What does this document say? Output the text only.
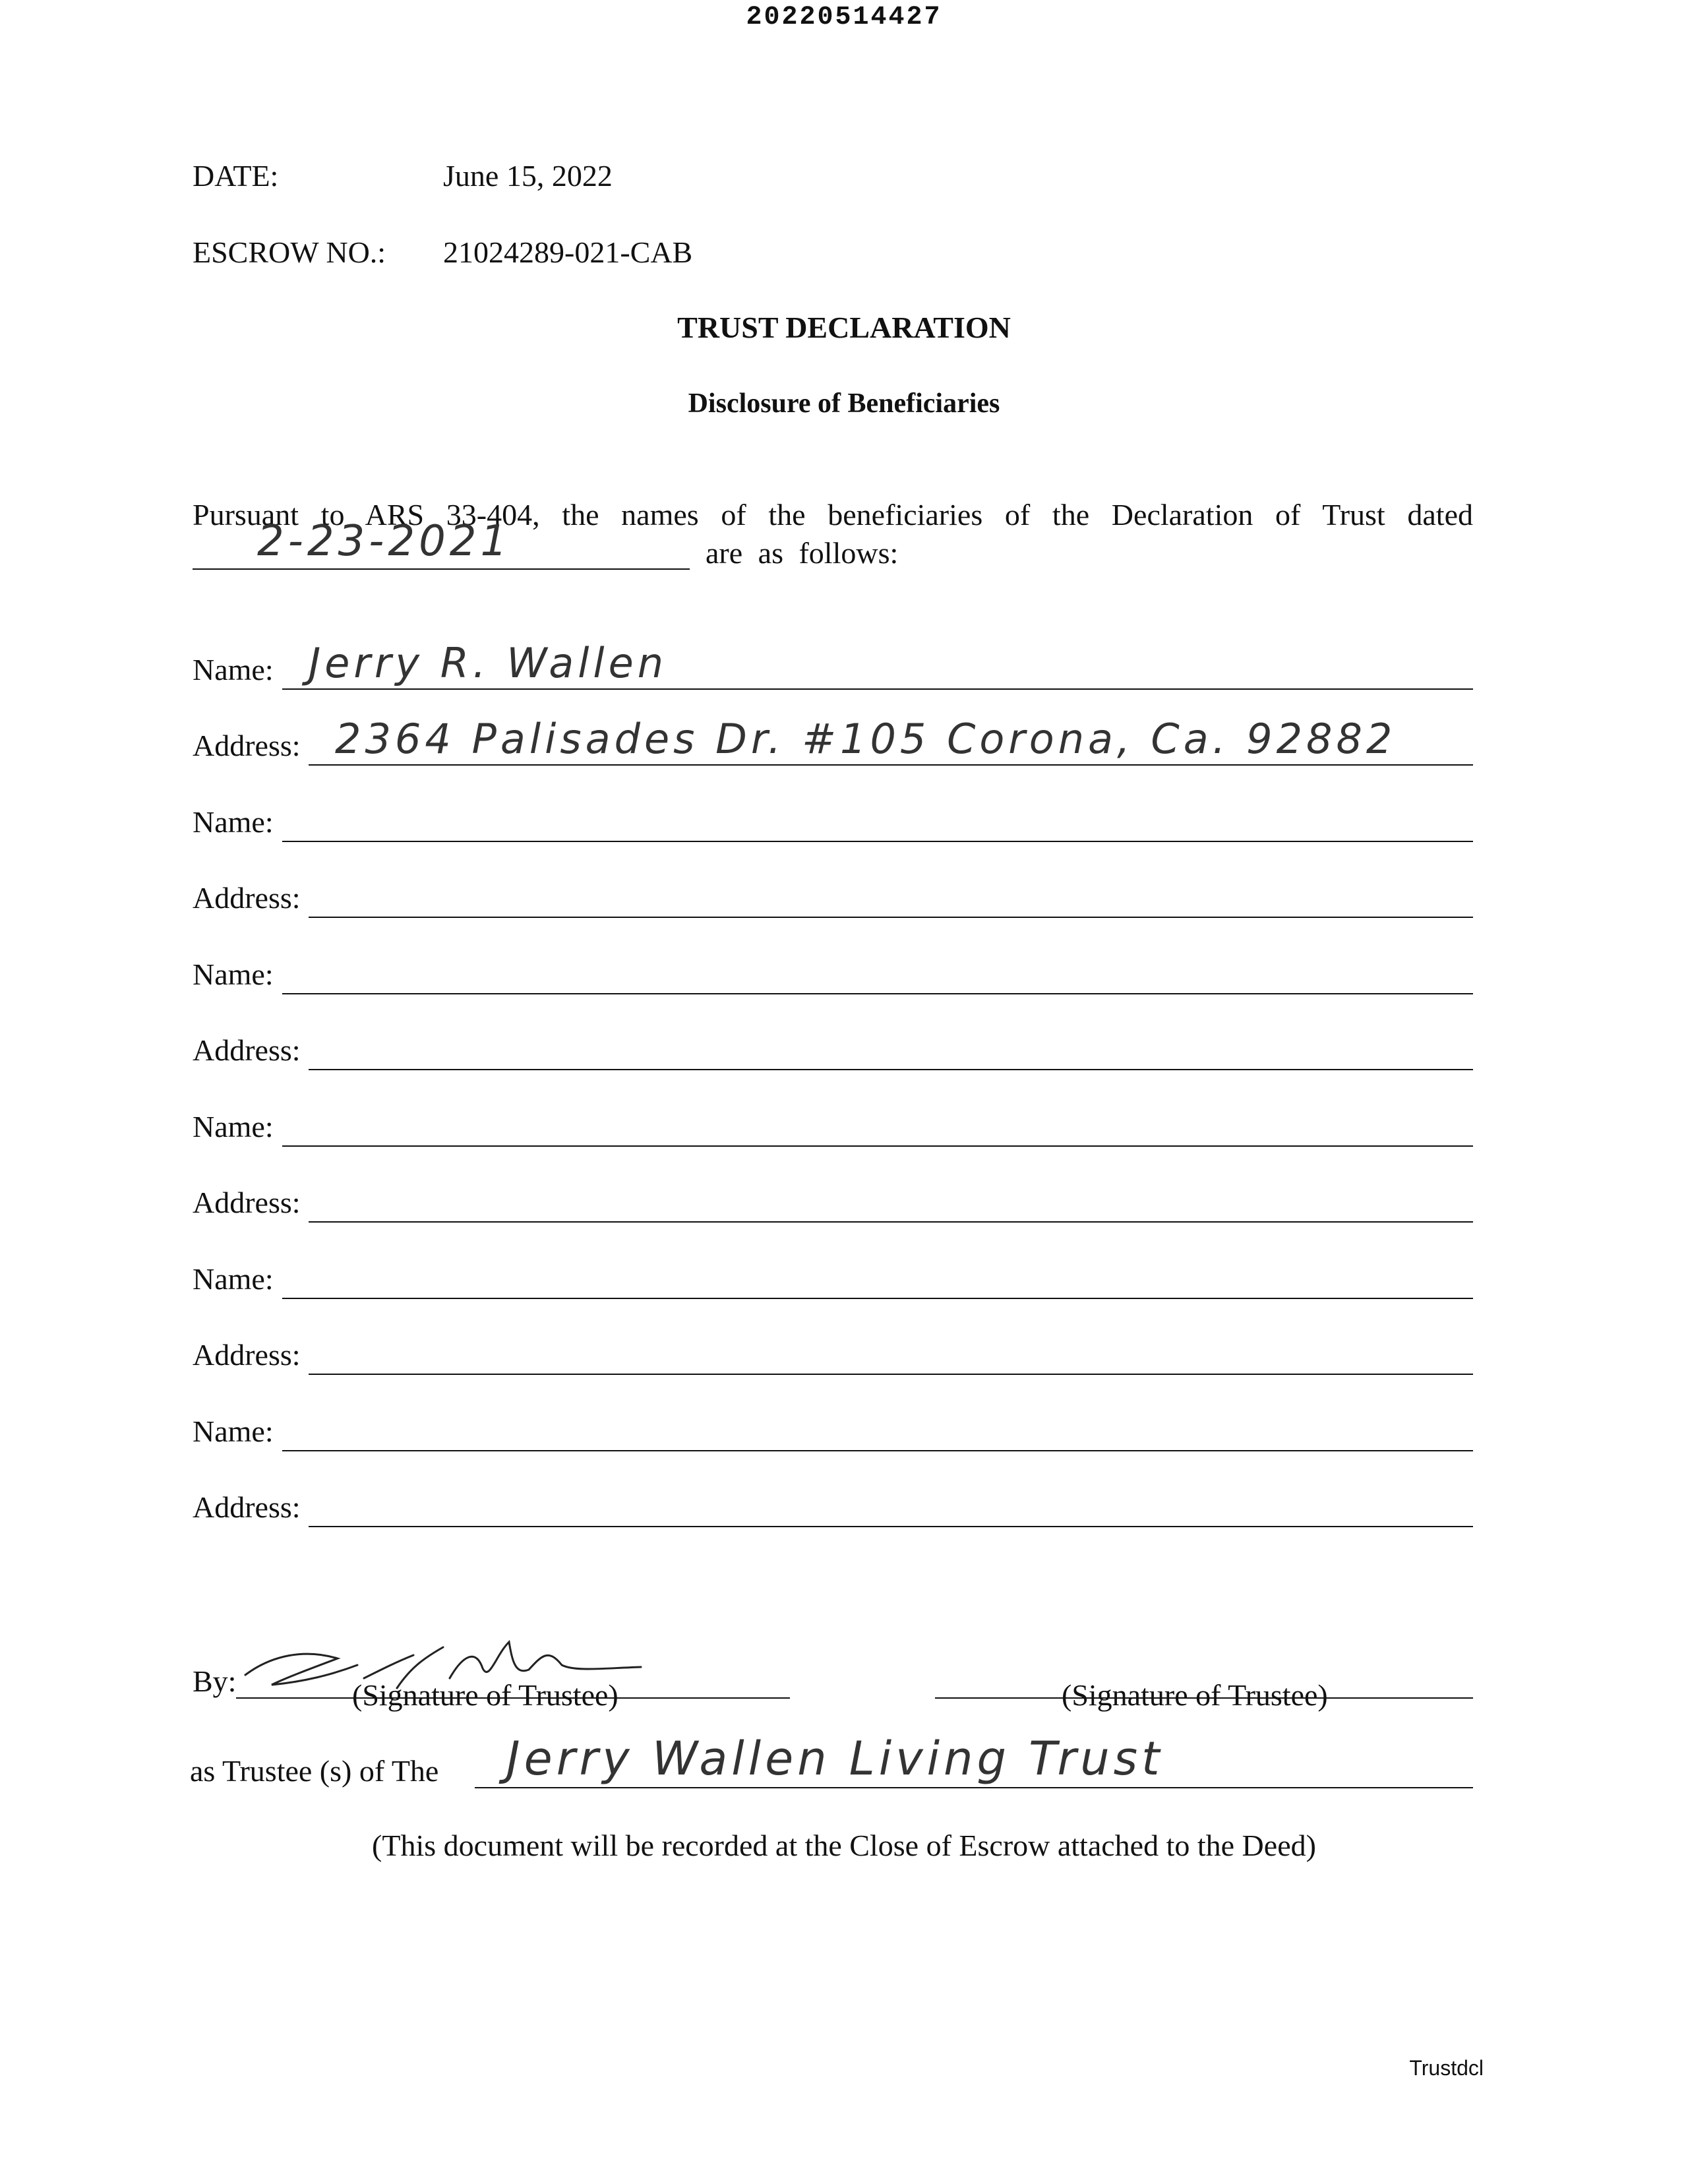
20220514427
DATE:	June 15, 2022
ESCROW NO.: 21024289-021-CAB
TRUST DECLARATION
Disclosure of Beneficiaries
Pursuant to ARS 33-404, the names of the beneficiaries of the Declaration of Trust dated
2-23-2021	are as follows:
Name: Jerry R. Wallen
Address: 2364 Palisades Dr. #105 Corona, Ca. 92882
Name:
Address:
Name:
Address:
Name:
Address:
Name:
Address:
Name:
Address:
By:	(Signature of Trustee)	(Signature of Trustee)
as Trustee (s) of The Jerry Wallen Living Trust
(This document will be recorded at the Close of Escrow attached to the Deed)
Trustdcl
